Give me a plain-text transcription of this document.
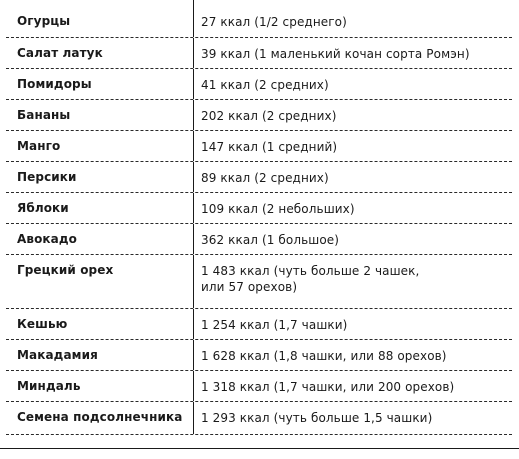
Огурцы	27 ккал (1/2 среднего)
Салат латук	39 ккал (1 маленький кочан сорта Ромэн)
Помидоры	41 ккал (2 средних)
Бананы	202 ккал (2 средних)
Манго	147 ккал (1 средний)
Персики	89 ккал (2 средних)
Яблоки	109 ккал (2 небольших)
Авокадо	362 ккал (1 большое)
Грецкий орех	1 483 ккал (чуть больше 2 чашек,
или 57 орехов)
Кешью	1 254 ккал (1,7 чашки)
Макадамия	1 628 ккал (1,8 чашки, или 88 орехов)
Миндаль	1 318 ккал (1,7 чашки, или 200 орехов)
Семена подсолнечника	1 293 ккал (чуть больше 1,5 чашки)
